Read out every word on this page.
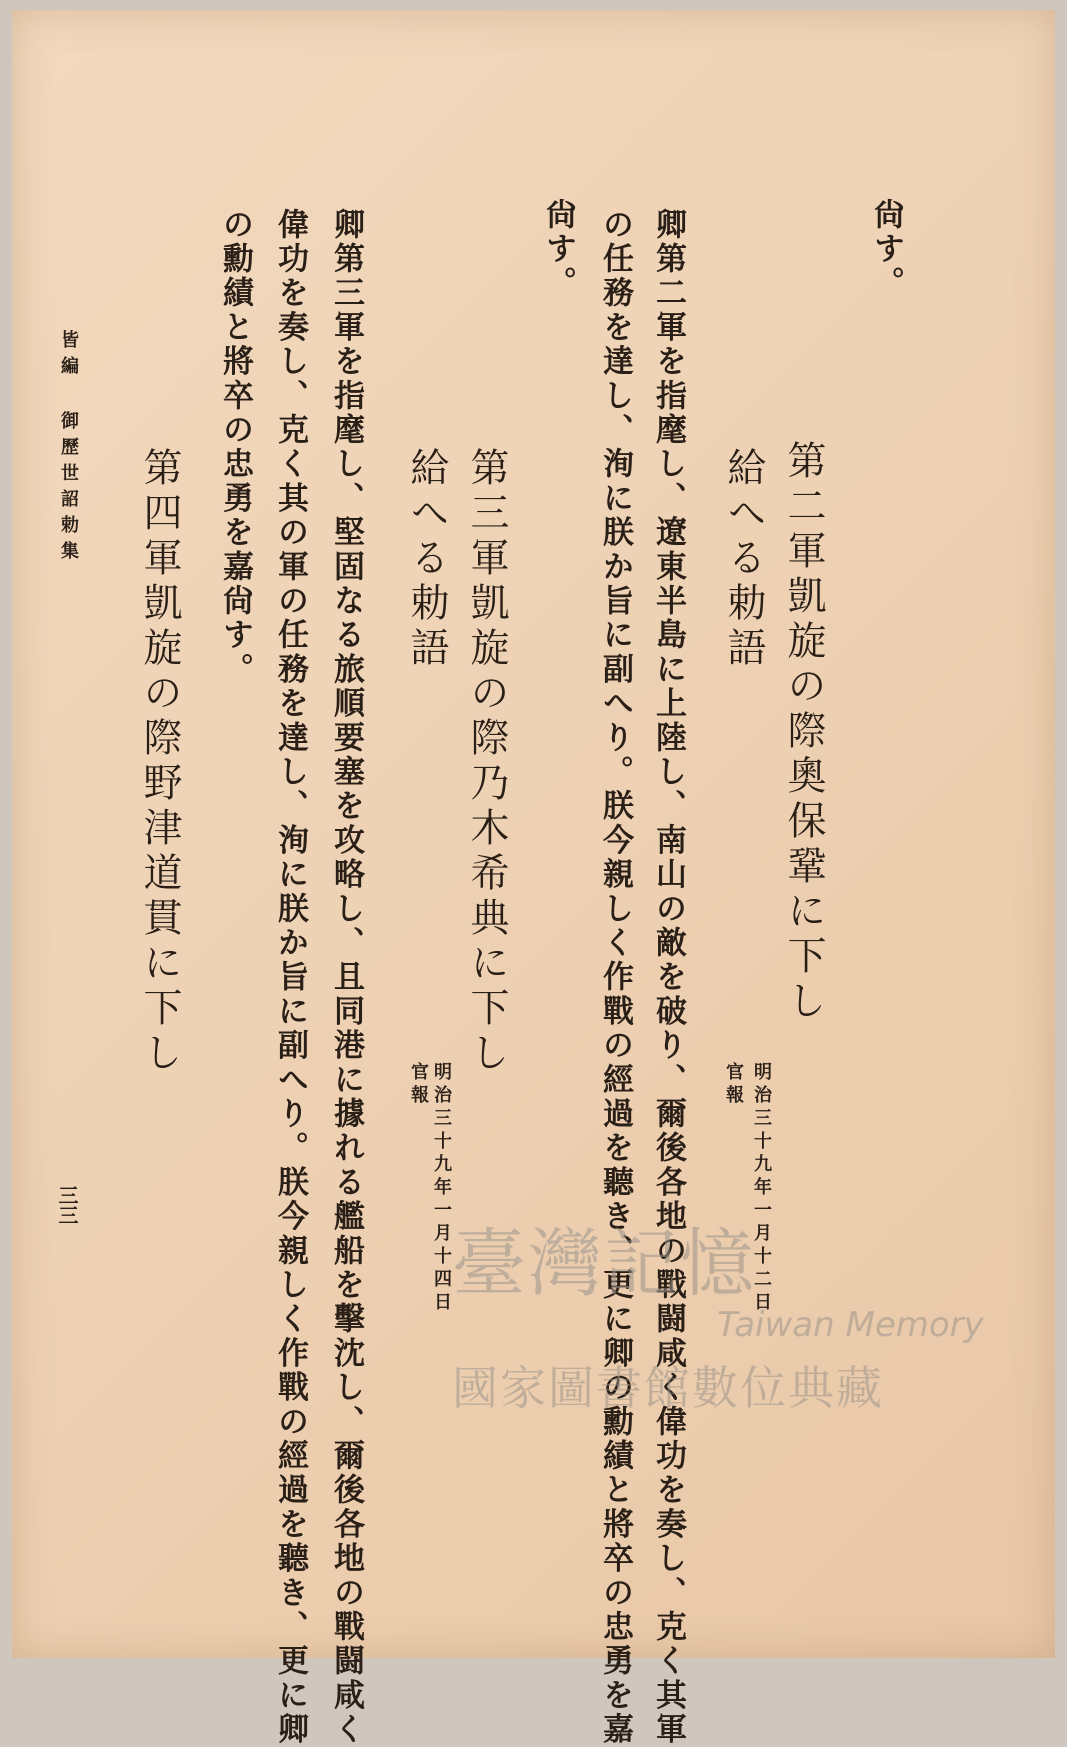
尙す。
第二軍凱旋の際奧保鞏に下し
給へる勅語
明治三十九年一月十二日
官報
卿第二軍を指麾し、遼東半島に上陸し、南山の敵を破り、爾後各地の戰闘咸く偉功を奏し、克く其軍
の任務を達し、洵に朕か旨に副へり。朕今親しく作戰の經過を聽き、更に卿の勳績と將卒の忠勇を嘉
尙す。
第三軍凱旋の際乃木希典に下し
給へる勅語
明治三十九年一月十四日
官報
卿第三軍を指麾し、堅固なる旅順要塞を攻略し、且同港に據れる艦船を擊沈し、爾後各地の戰闘咸く
偉功を奏し、克く其の軍の任務を達し、洵に朕か旨に副へり。朕今親しく作戰の經過を聽き、更に卿
の勳績と將卒の忠勇を嘉尙す。
第四軍凱旋の際野津道貫に下し
皆編 御歷世詔勅集
三三
臺灣記憶
Taiwan Memory
國家圖書館數位典藏
